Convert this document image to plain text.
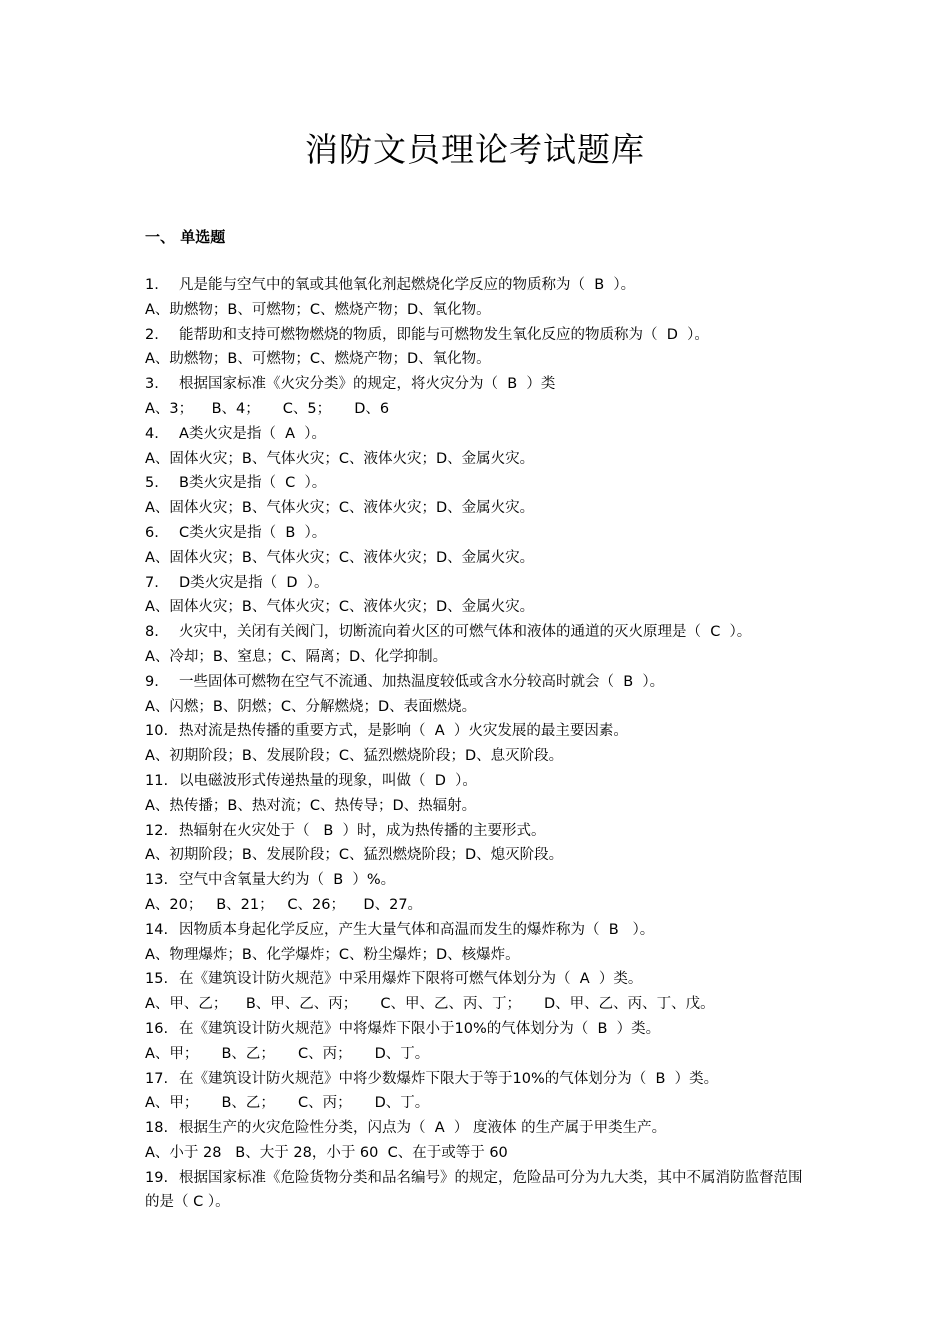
消防文员理论考试题库
一、 单选题
1. 凡是能与空气中的氧或其他氧化剂起燃烧化学反应的物质称为（  B  ）。
A、助燃物；B、可燃物；C、燃烧产物；D、氧化物。
2. 能帮助和支持可燃物燃烧的物质，即能与可燃物发生氧化反应的物质称为（  D  ）。
A、助燃物；B、可燃物；C、燃烧产物；D、氧化物。
3. 根据国家标准《火灾分类》的规定，将火灾分为（  B  ）类
A、3；    B、4；     C、5；     D、6
4. A类火灾是指（  A  ）。
A、固体火灾；B、气体火灾；C、液体火灾；D、金属火灾。
5. B类火灾是指（  C  ）。
A、固体火灾；B、气体火灾；C、液体火灾；D、金属火灾。
6. C类火灾是指（  B  ）。
A、固体火灾；B、气体火灾；C、液体火灾；D、金属火灾。
7. D类火灾是指（  D  ）。
A、固体火灾；B、气体火灾；C、液体火灾；D、金属火灾。
8. 火灾中，关闭有关阀门，切断流向着火区的可燃气体和液体的通道的灭火原理是（  C  ）。
A、冷却；B、窒息；C、隔离；D、化学抑制。
9. 一些固体可燃物在空气不流通、加热温度较低或含水分较高时就会（  B  ）。
A、闪燃；B、阴燃；C、分解燃烧；D、表面燃烧。
10. 热对流是热传播的重要方式，是影响（  A  ）火灾发展的最主要因素。
A、初期阶段；B、发展阶段；C、猛烈燃烧阶段；D、息灭阶段。
11. 以电磁波形式传递热量的现象，叫做（  D  ）。
A、热传播；B、热对流；C、热传导；D、热辐射。
12. 热辐射在火灾处于（   B  ）时，成为热传播的主要形式。
A、初期阶段；B、发展阶段；C、猛烈燃烧阶段；D、熄灭阶段。
13. 空气中含氧量大约为（  B  ）%。
A、20；   B、21；   C、26；    D、27。
14. 因物质本身起化学反应，产生大量气体和高温而发生的爆炸称为（  B   ）。
A、物理爆炸；B、化学爆炸；C、粉尘爆炸；D、核爆炸。
15. 在《建筑设计防火规范》中采用爆炸下限将可燃气体划分为（  A  ）类。
A、甲、乙；    B、甲、乙、丙；     C、甲、乙、丙、丁；     D、甲、乙、丙、丁、戊。
16. 在《建筑设计防火规范》中将爆炸下限小于10%的气体划分为（  B  ）类。
A、甲；     B、乙；     C、丙；     D、丁。
17. 在《建筑设计防火规范》中将少数爆炸下限大于等于10%的气体划分为（  B  ）类。
A、甲；     B、乙；     C、丙；     D、丁。
18. 根据生产的火灾危险性分类，闪点为（  A  ） 度液体 的生产属于甲类生产。
A、小于 28   B、大于 28，小于 60  C、在于或等于 60
19. 根据国家标准《危险货物分类和品名编号》的规定，危险品可分为九大类，其中不属消防监督范围的是（ C ）。
